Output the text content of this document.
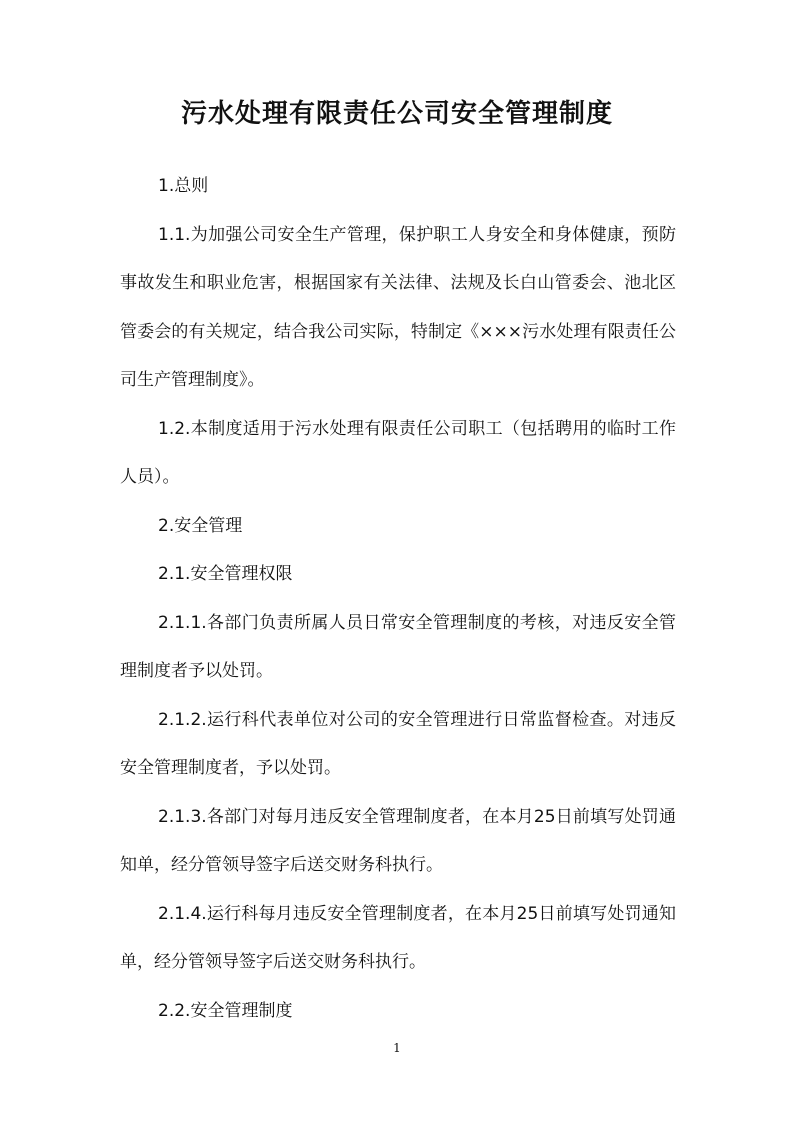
污水处理有限责任公司安全管理制度

1.总则

1.1.为加强公司安全生产管理，保护职工人身安全和身体健康，预防事故发生和职业危害，根据国家有关法律、法规及长白山管委会、池北区管委会的有关规定，结合我公司实际，特制定《×××污水处理有限责任公司生产管理制度》。

1.2.本制度适用于污水处理有限责任公司职工（包括聘用的临时工作人员）。

2.安全管理

2.1.安全管理权限

2.1.1.各部门负责所属人员日常安全管理制度的考核，对违反安全管理制度者予以处罚。

2.1.2.运行科代表单位对公司的安全管理进行日常监督检查。对违反安全管理制度者，予以处罚。

2.1.3.各部门对每月违反安全管理制度者，在本月25日前填写处罚通知单，经分管领导签字后送交财务科执行。

2.1.4.运行科每月违反安全管理制度者，在本月25日前填写处罚通知单，经分管领导签字后送交财务科执行。

2.2.安全管理制度

1
